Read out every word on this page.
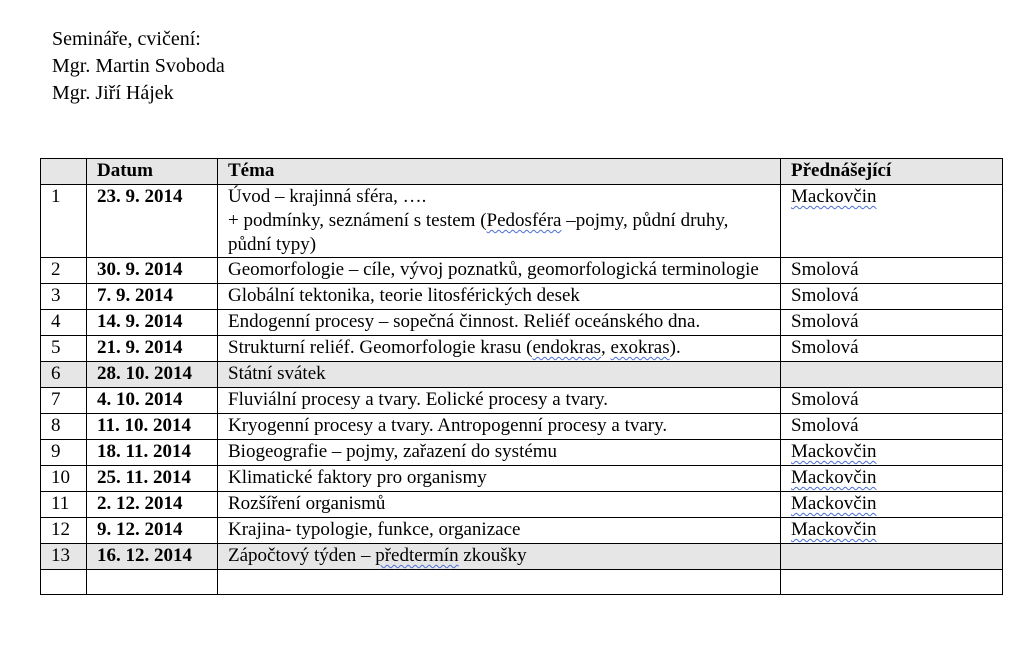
Semináře, cvičení:
Mgr. Martin Svoboda
Mgr. Jiří Hájek
	Datum	Téma	Přednášející
1	23. 9. 2014	Úvod – krajinná sféra, ….
+ podmínky, seznámení s testem (Pedosféra –pojmy, půdní druhy, půdní typy)	Mackovčin
2	30. 9. 2014	Geomorfologie – cíle, vývoj poznatků, geomorfologická terminologie	Smolová
3	7. 9. 2014	Globální tektonika, teorie litosférických desek	Smolová
4	14. 9. 2014	Endogenní procesy – sopečná činnost. Reliéf oceánského dna.	Smolová
5	21. 9. 2014	Strukturní reliéf. Geomorfologie krasu (endokras, exokras).	Smolová
6	28. 10. 2014	Státní svátek	
7	4. 10. 2014	Fluviální procesy a tvary. Eolické procesy a tvary.	Smolová
8	11. 10. 2014	Kryogenní procesy a tvary. Antropogenní procesy a tvary.	Smolová
9	18. 11. 2014	Biogeografie – pojmy, zařazení do systému	Mackovčin
10	25. 11. 2014	Klimatické faktory pro organismy	Mackovčin
11	2. 12. 2014	Rozšíření organismů	Mackovčin
12	9. 12. 2014	Krajina- typologie, funkce, organizace	Mackovčin
13	16. 12. 2014	Zápočtový týden – předtermín zkoušky	
